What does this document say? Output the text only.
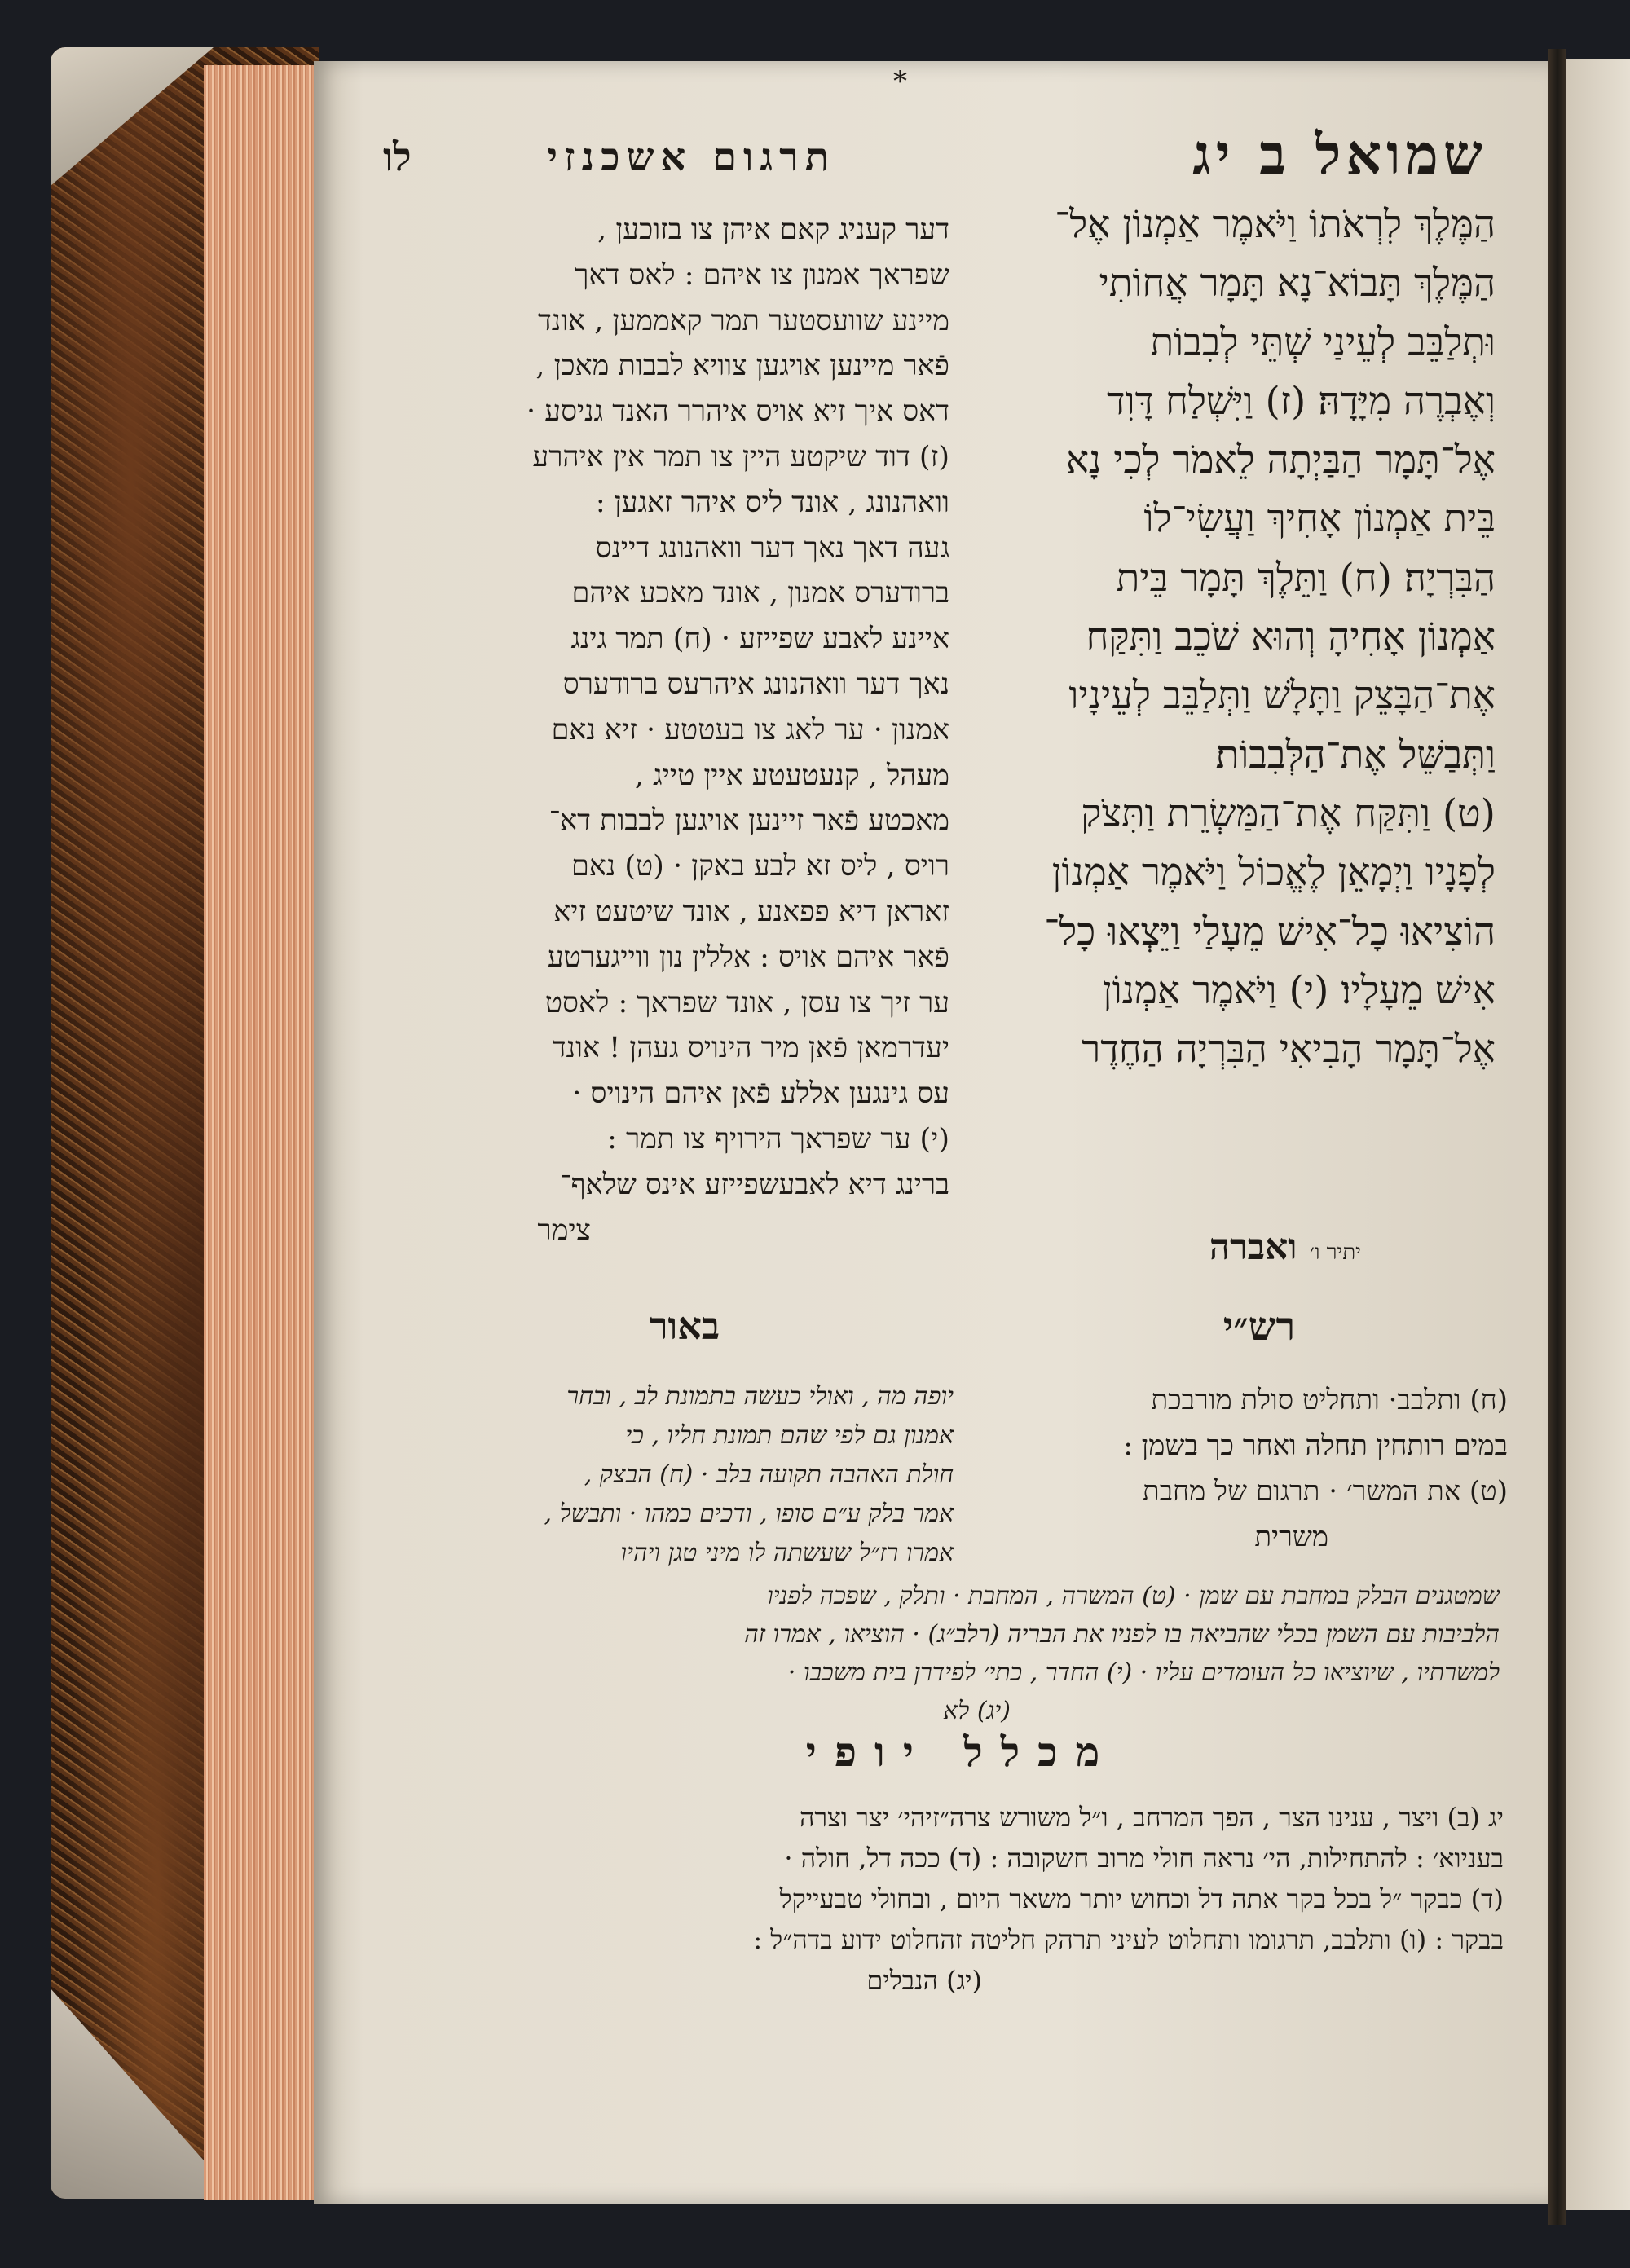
*
שמואל ב יג
תרגום אשכנזי
לו
הַמֶּלֶךְ לִרְאֹתוֹ וַיֹּאמֶר אַמְנוֹן אֶל־
הַמֶּלֶךְ תָּבוֹא־נָא תָּמָר אֲחוֹתִי
וּתְלַבֵּב לְעֵינַי שְׁתֵּי לְבִבוֹת
וְאֶבְרֶה מִיָּדָהּ׃ (ז) וַיִּשְׁלַח דָּוִד
אֶל־תָּמָר הַבַּיְתָה לֵאמֹר לְכִי נָא
בֵּית אַמְנוֹן אָחִיךְ וַעֲשִׂי־לוֹ
הַבִּרְיָה׃ (ח) וַתֵּלֶךְ תָּמָר בֵּית
אַמְנוֹן אָחִיהָ וְהוּא שֹׁכֵב וַתִּקַּח
אֶת־הַבָּצֵק וַתָּלָשׁ וַתְּלַבֵּב לְעֵינָיו
וַתְּבַשֵּׁל אֶת־הַלְּבִבוֹת׃
(ט) וַתִּקַּח אֶת־הַמַּשְׂרֵת וַתִּצֹק
לְפָנָיו וַיְמָאֵן לֶאֱכוֹל וַיֹּאמֶר אַמְנוֹן
הוֹצִיאוּ כָל־אִישׁ מֵעָלַי וַיֵּצְאוּ כָל־
אִישׁ מֵעָלָיו׃ (י) וַיֹּאמֶר אַמְנוֹן
אֶל־תָּמָר הָבִיאִי הַבִּרְיָה הַחֶדֶר
יתיר ו׳ ואברה
דער קעניג קאם איהן צו בזוכען ,
שפראך אמנון צו איהם : לאס דאך
מיינע שוועסטער תמר קאממען , אונד
פֿאר מיינען אויגען צוויא לבבות מאכן ,
דאס איך זיא אויס איהרר האנד גניסע ·
(ז) דוד שיקטע היין צו תמר אין איהרע
וואהנונג , אונד ליס איהר זאגען :
געה דאך נאך דער וואהנונג דיינס
ברודערס אמנון , אונד מאכע איהם
איינע לאבע שפייזע · (ח) תמר גינג
נאך דער וואהנונג איהרעס ברודערס
אמנון · ער לאג צו בעטטע · זיא נאם
מעהל , קנעטעטע איין טייג ,
מאכטע פֿאר זיינען אויגען לבבות דא־
רויס , ליס זא לבע באקן · (ט) נאם
זאראן דיא פפאנע , אונד שיטעט זיא
פֿאר איהם אויס : אללין נון ווייגערטע
ער זיך צו עסן , אונד שפראך : לאסט
יעדרמאן פֿאן מיר הינויס געהן ! אונד
עס גינגען אללע פֿאן איהם הינויס ·
(י) ער שפראך הירויף צו תמר :
ברינג דיא לאבעשפייזע אינס שלאף־
צימר
רש״י
באור
(ח) ותלבב· ותחליט סולת מורבכת
במים רותחין תחלה ואחר כך בשמן :
(ט) את המשר׳ · תרגום של מחבת
משרית
יופה מה , ואולי כעשה בתמונת לב , ובחר
אמנון גם לפי שהם תמונת חליו , כי
חולת האהבה תקועה בלב · (ח) הבצק ,
אמר בלק ע״ם סופו , ודכים כמהו · ותבשל ,
אמרו רז״ל שעשתה לו מיני טגן ויהיו
שמטגנים הבלק במחבת עם שמן · (ט) המשרה , המחבת · ותלק , שפכה לפניו
הלביבות עם השמן בכלי שהביאה בו לפניו את הבריה (רלב״ג) · הוציאו , אמרו זה
למשרתיו , שיוציאו כל העומדים עליו · (י) החדר , כתי׳ לפידרן בית משכבו ·
(יג) לא
מכלל יופי
יג (ב) ויצר , ענינו הצר , הפך המרחב , ו״ל משורש צרה״זיהי׳ יצר וצרה
בעניוא׳ : להתחילות, הי׳ נראה חולי מרוב חשקובה : (ד) ככה דל, חולה ·
(ד) כבקר ״ל בכל בקר אתה דל וכחוש יותר משאר היום , ובחולי טבעייקל
בבקר : (ו) ותלבב, תרגומו ותחלוט לעיני תרהק חליטה זהחלוט ידוע בדה״ל :
(יג) הנבלים
